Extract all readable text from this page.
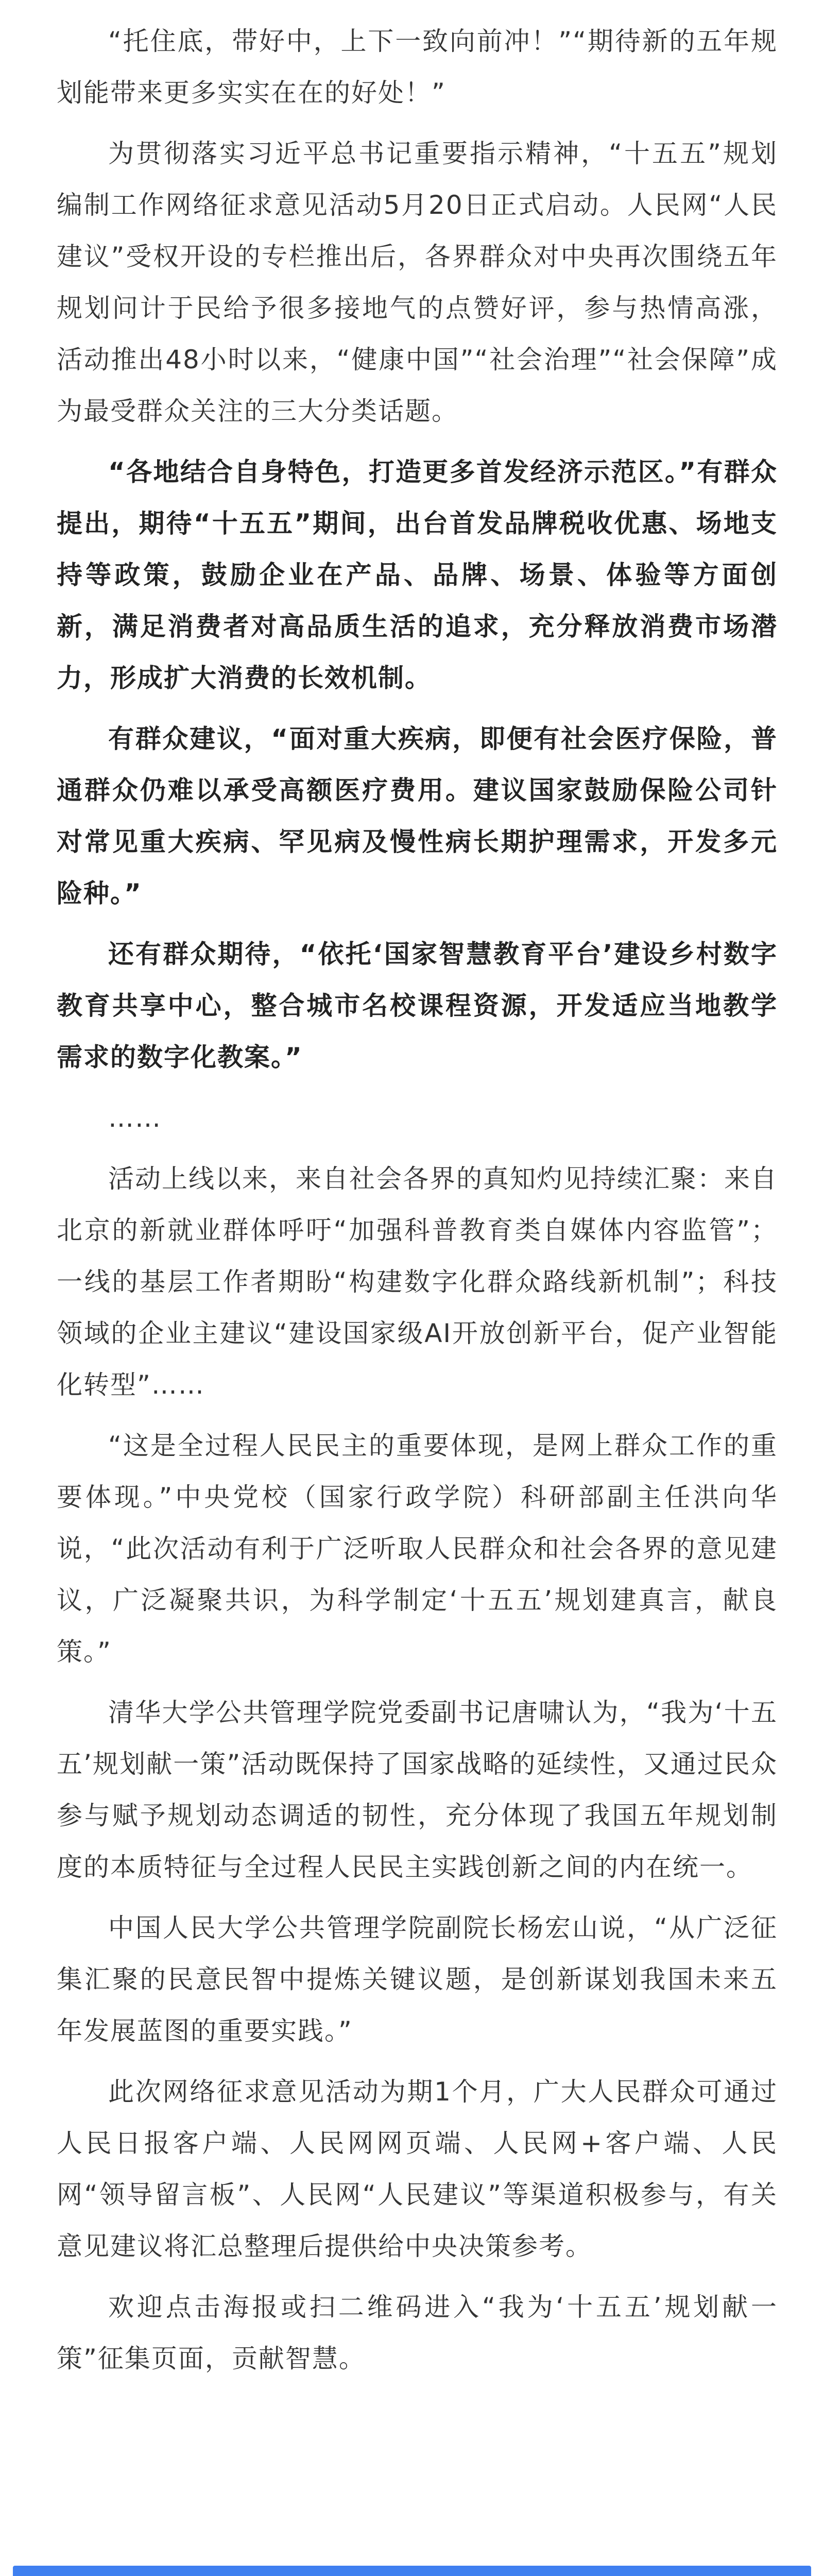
“托住底，带好中，上下一致向前冲！”“期待新的五年规划能带来更多实实在在的好处！”

为贯彻落实习近平总书记重要指示精神，“十五五”规划编制工作网络征求意见活动5月20日正式启动。人民网“人民建议”受权开设的专栏推出后，各界群众对中央再次围绕五年规划问计于民给予很多接地气的点赞好评，参与热情高涨，活动推出48小时以来，“健康中国”“社会治理”“社会保障”成为最受群众关注的三大分类话题。

“各地结合自身特色，打造更多首发经济示范区。”有群众提出，期待“十五五”期间，出台首发品牌税收优惠、场地支持等政策，鼓励企业在产品、品牌、场景、体验等方面创新，满足消费者对高品质生活的追求，充分释放消费市场潜力，形成扩大消费的长效机制。

有群众建议，“面对重大疾病，即便有社会医疗保险，普通群众仍难以承受高额医疗费用。建议国家鼓励保险公司针对常见重大疾病、罕见病及慢性病长期护理需求，开发多元险种。”

还有群众期待，“依托‘国家智慧教育平台’建设乡村数字教育共享中心，整合城市名校课程资源，开发适应当地教学需求的数字化教案。”

……

活动上线以来，来自社会各界的真知灼见持续汇聚：来自北京的新就业群体呼吁“加强科普教育类自媒体内容监管”；一线的基层工作者期盼“构建数字化群众路线新机制”；科技领域的企业主建议“建设国家级AI开放创新平台，促产业智能化转型”……

“这是全过程人民民主的重要体现，是网上群众工作的重要体现。”中央党校（国家行政学院）科研部副主任洪向华说，“此次活动有利于广泛听取人民群众和社会各界的意见建议，广泛凝聚共识，为科学制定‘十五五’规划建真言，献良策。”

清华大学公共管理学院党委副书记唐啸认为，“我为‘十五五’规划献一策”活动既保持了国家战略的延续性，又通过民众参与赋予规划动态调适的韧性，充分体现了我国五年规划制度的本质特征与全过程人民民主实践创新之间的内在统一。

中国人民大学公共管理学院副院长杨宏山说，“从广泛征集汇聚的民意民智中提炼关键议题，是创新谋划我国未来五年发展蓝图的重要实践。”

此次网络征求意见活动为期1个月，广大人民群众可通过人民日报客户端、人民网网页端、人民网+客户端、人民网“领导留言板”、人民网“人民建议”等渠道积极参与，有关意见建议将汇总整理后提供给中央决策参考。

欢迎点击海报或扫二维码进入“我为‘十五五’规划献一策”征集页面，贡献智慧。
